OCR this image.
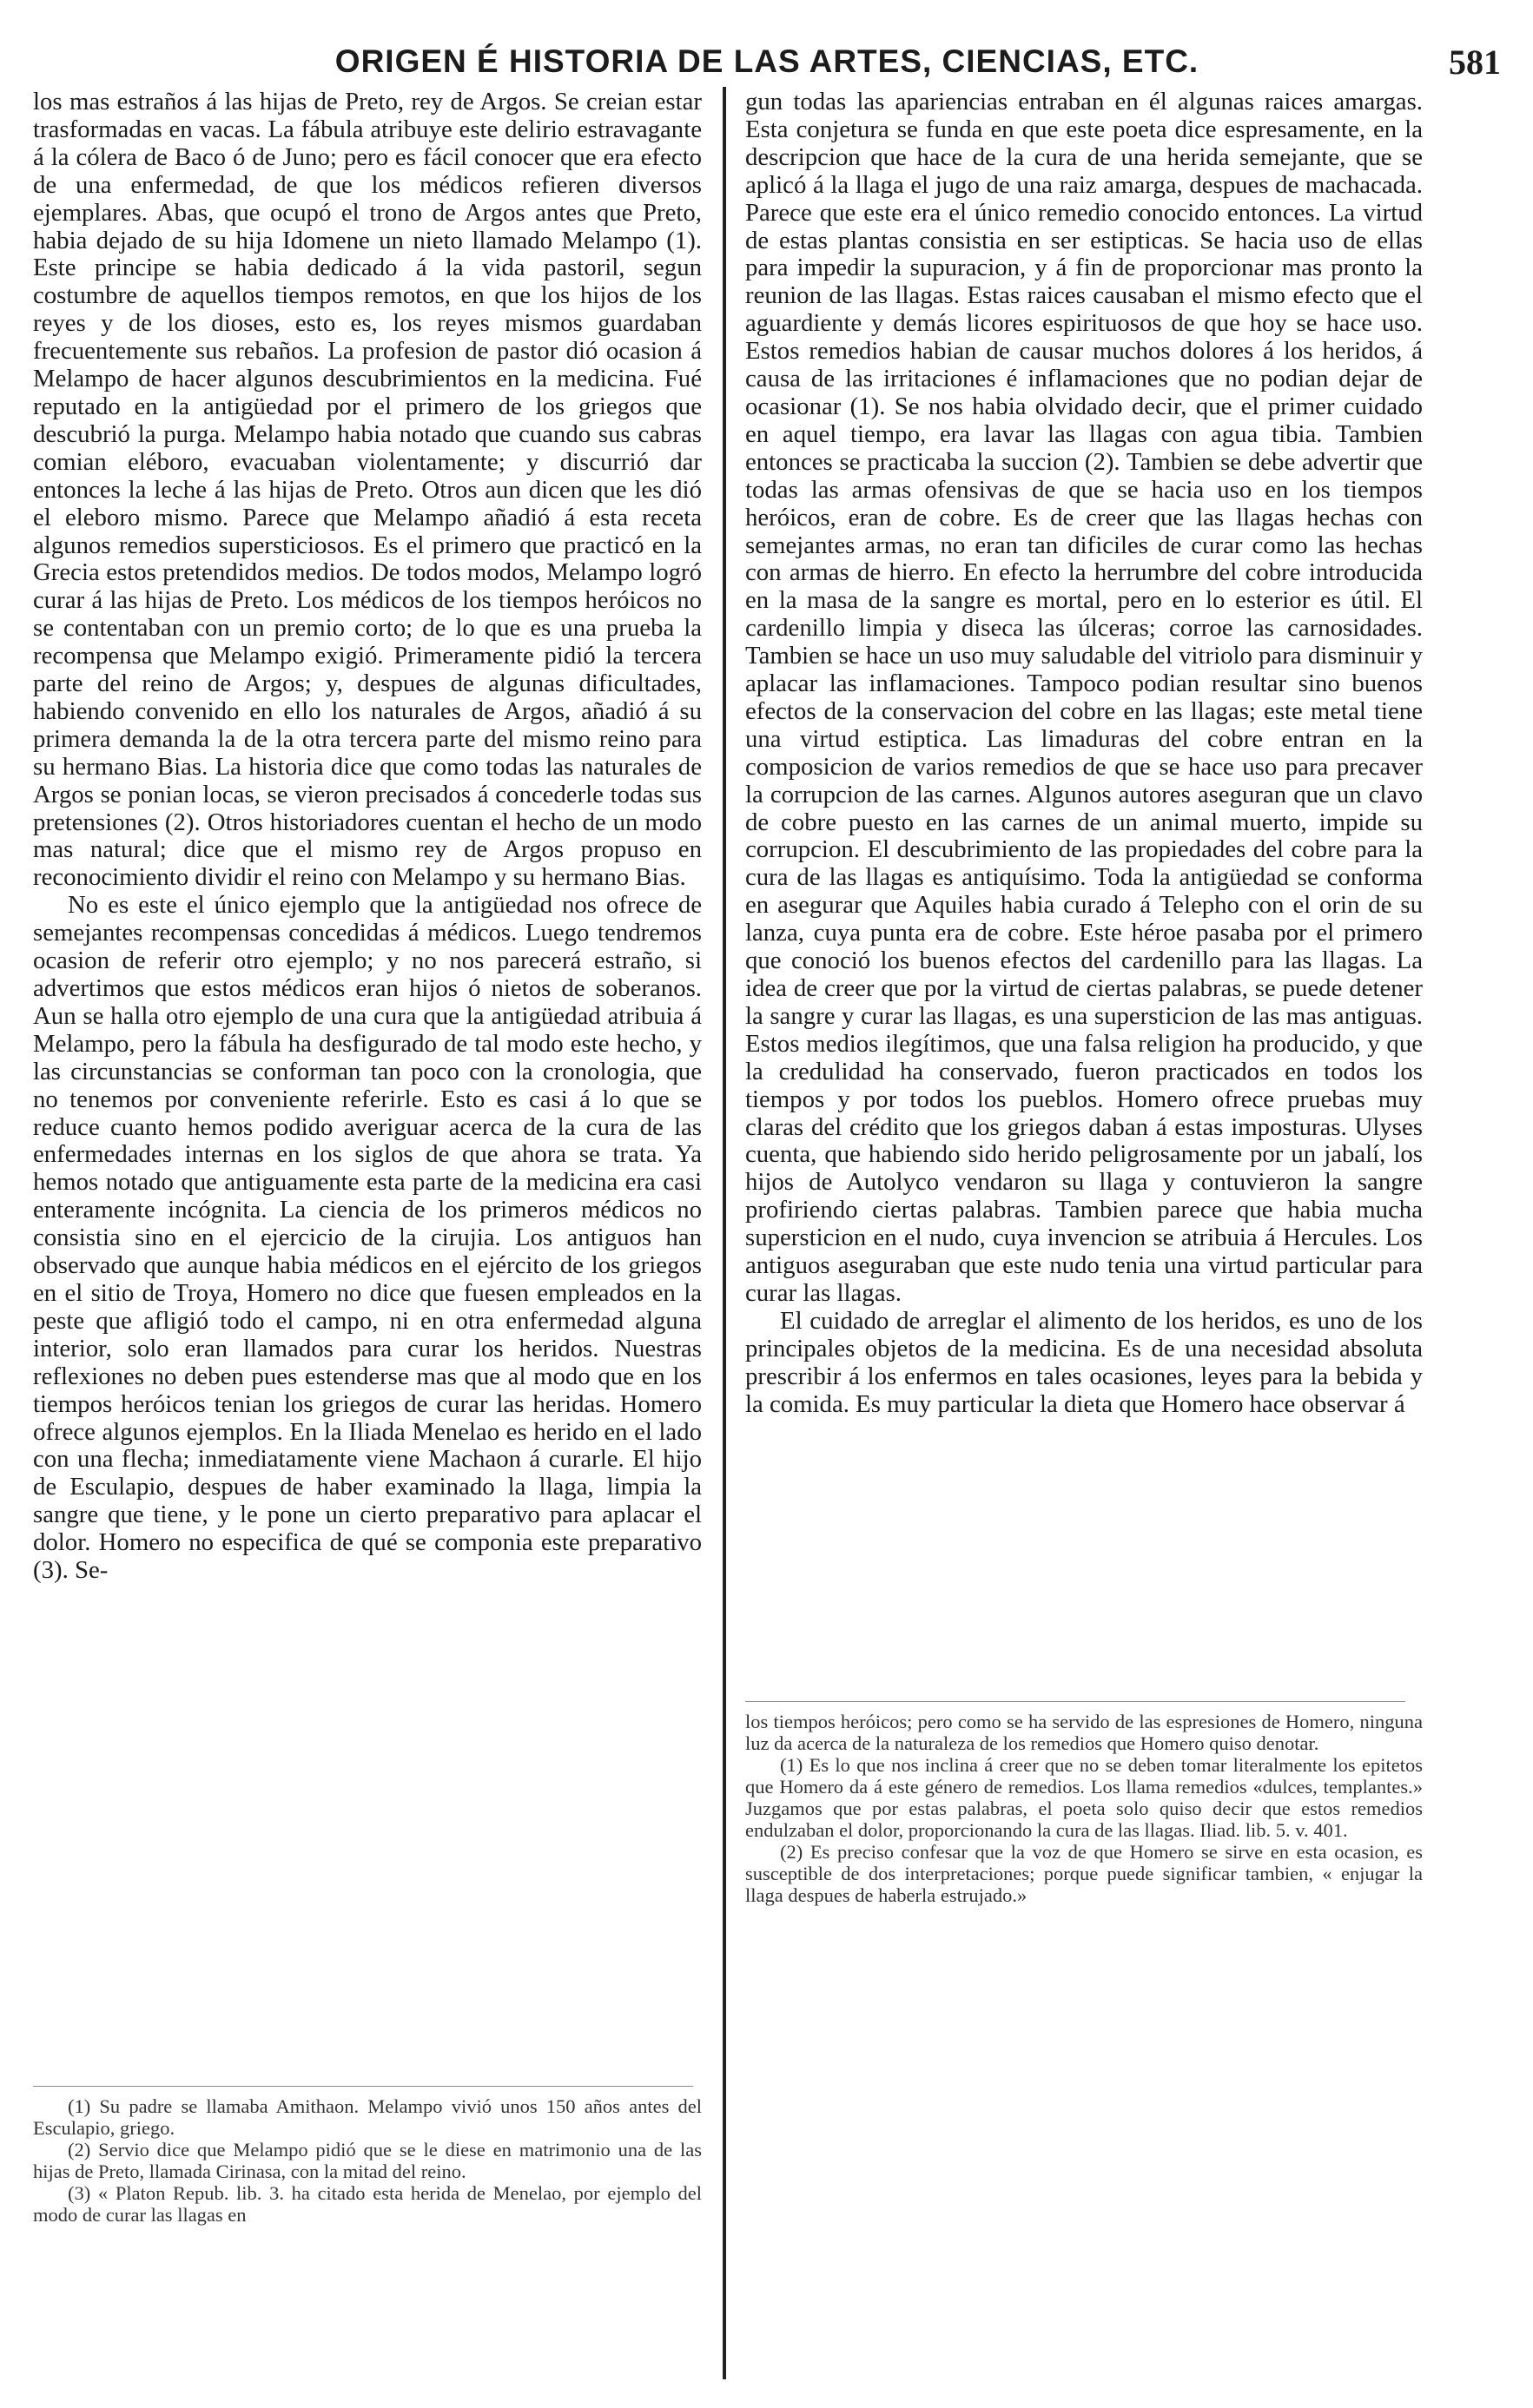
ORIGEN É HISTORIA DE LAS ARTES, CIENCIAS, ETC.	581

los mas estraños á las hijas de Preto, rey de Argos. Se creian estar trasformadas en vacas. La fábula atribuye este delirio estravagante á la cólera de Baco ó de Juno; pero es fácil conocer que era efecto de una enfermedad, de que los médicos refieren diversos ejemplares. Abas, que ocupó el trono de Argos antes que Preto, habia dejado de su hija Idomene un nieto llamado Melampo (1). Este principe se habia dedicado á la vida pastoril, segun costumbre de aquellos tiempos remotos, en que los hijos de los reyes y de los dioses, esto es, los reyes mismos guardaban frecuentemente sus rebaños. La profesion de pastor dió ocasion á Melampo de hacer algunos descubrimientos en la medicina. Fué reputado en la antigüedad por el primero de los griegos que descubrió la purga. Melampo habia notado que cuando sus cabras comian eléboro, evacuaban violentamente; y discurrió dar entonces la leche á las hijas de Preto. Otros aun dicen que les dió el eleboro mismo. Parece que Melampo añadió á esta receta algunos remedios supersticiosos. Es el primero que practicó en la Grecia estos pretendidos medios. De todos modos, Melampo logró curar á las hijas de Preto. Los médicos de los tiempos heróicos no se contentaban con un premio corto; de lo que es una prueba la recompensa que Melampo exigió. Primeramente pidió la tercera parte del reino de Argos; y, despues de algunas dificultades, habiendo convenido en ello los naturales de Argos, añadió á su primera demanda la de la otra tercera parte del mismo reino para su hermano Bias. La historia dice que como todas las naturales de Argos se ponian locas, se vieron precisados á concederle todas sus pretensiones (2). Otros historiadores cuentan el hecho de un modo mas natural; dice que el mismo rey de Argos propuso en reconocimiento dividir el reino con Melampo y su hermano Bias.

No es este el único ejemplo que la antigüedad nos ofrece de semejantes recompensas concedidas á médicos. Luego tendremos ocasion de referir otro ejemplo; y no nos parecerá estraño, si advertimos que estos médicos eran hijos ó nietos de soberanos. Aun se halla otro ejemplo de una cura que la antigüedad atribuia á Melampo, pero la fábula ha desfigurado de tal modo este hecho, y las circunstancias se conforman tan poco con la cronologia, que no tenemos por conveniente referirle. Esto es casi á lo que se reduce cuanto hemos podido averiguar acerca de la cura de las enfermedades internas en los siglos de que ahora se trata. Ya hemos notado que antiguamente esta parte de la medicina era casi enteramente incógnita. La ciencia de los primeros médicos no consistia sino en el ejercicio de la cirujia. Los antiguos han observado que aunque habia médicos en el ejército de los griegos en el sitio de Troya, Homero no dice que fuesen empleados en la peste que afligió todo el campo, ni en otra enfermedad alguna interior, solo eran llamados para curar los heridos. Nuestras reflexiones no deben pues estenderse mas que al modo que en los tiempos heróicos tenian los griegos de curar las heridas. Homero ofrece algunos ejemplos. En la Iliada Menelao es herido en el lado con una flecha; inmediatamente viene Machaon á curarle. El hijo de Esculapio, despues de haber examinado la llaga, limpia la sangre que tiene, y le pone un cierto preparativo para aplacar el dolor. Homero no especifica de qué se componia este preparativo (3). Se-

gun todas las apariencias entraban en él algunas raices amargas. Esta conjetura se funda en que este poeta dice espresamente, en la descripcion que hace de la cura de una herida semejante, que se aplicó á la llaga el jugo de una raiz amarga, despues de machacada. Parece que este era el único remedio conocido entonces. La virtud de estas plantas consistia en ser estipticas. Se hacia uso de ellas para impedir la supuracion, y á fin de proporcionar mas pronto la reunion de las llagas. Estas raices causaban el mismo efecto que el aguardiente y demás licores espirituosos de que hoy se hace uso. Estos remedios habian de causar muchos dolores á los heridos, á causa de las irritaciones é inflamaciones que no podian dejar de ocasionar (1). Se nos habia olvidado decir, que el primer cuidado en aquel tiempo, era lavar las llagas con agua tibia. Tambien entonces se practicaba la succion (2). Tambien se debe advertir que todas las armas ofensivas de que se hacia uso en los tiempos heróicos, eran de cobre. Es de creer que las llagas hechas con semejantes armas, no eran tan dificiles de curar como las hechas con armas de hierro. En efecto la herrumbre del cobre introducida en la masa de la sangre es mortal, pero en lo esterior es útil. El cardenillo limpia y diseca las úlceras; corroe las carnosidades. Tambien se hace un uso muy saludable del vitriolo para disminuir y aplacar las inflamaciones. Tampoco podian resultar sino buenos efectos de la conservacion del cobre en las llagas; este metal tiene una virtud estiptica. Las limaduras del cobre entran en la composicion de varios remedios de que se hace uso para precaver la corrupcion de las carnes. Algunos autores aseguran que un clavo de cobre puesto en las carnes de un animal muerto, impide su corrupcion. El descubrimiento de las propiedades del cobre para la cura de las llagas es antiquísimo. Toda la antigüedad se conforma en asegurar que Aquiles habia curado á Telepho con el orin de su lanza, cuya punta era de cobre. Este héroe pasaba por el primero que conoció los buenos efectos del cardenillo para las llagas. La idea de creer que por la virtud de ciertas palabras, se puede detener la sangre y curar las llagas, es una supersticion de las mas antiguas. Estos medios ilegítimos, que una falsa religion ha producido, y que la credulidad ha conservado, fueron practicados en todos los tiempos y por todos los pueblos. Homero ofrece pruebas muy claras del crédito que los griegos daban á estas imposturas. Ulyses cuenta, que habiendo sido herido peligrosamente por un jabalí, los hijos de Autolyco vendaron su llaga y contuvieron la sangre profiriendo ciertas palabras. Tambien parece que habia mucha supersticion en el nudo, cuya invencion se atribuia á Hercules. Los antiguos aseguraban que este nudo tenia una virtud particular para curar las llagas.

El cuidado de arreglar el alimento de los heridos, es uno de los principales objetos de la medicina. Es de una necesidad absoluta prescribir á los enfermos en tales ocasiones, leyes para la bebida y la comida. Es muy particular la dieta que Homero hace observar á

(1) Su padre se llamaba Amithaon. Melampo vivió unos 150 años antes del Esculapio, griego.

(2) Servio dice que Melampo pidió que se le diese en matrimonio una de las hijas de Preto, llamada Cirinasa, con la mitad del reino.

(3) « Platon Repub. lib. 3. ha citado esta herida de Menelao, por ejemplo del modo de curar las llagas en

los tiempos heróicos; pero como se ha servido de las espresiones de Homero, ninguna luz da acerca de la naturaleza de los remedios que Homero quiso denotar.

(1) Es lo que nos inclina á creer que no se deben tomar literalmente los epitetos que Homero da á este género de remedios. Los llama remedios «dulces, templantes.» Juzgamos que por estas palabras, el poeta solo quiso decir que estos remedios endulzaban el dolor, proporcionando la cura de las llagas. Iliad. lib. 5. v. 401.

(2) Es preciso confesar que la voz de que Homero se sirve en esta ocasion, es susceptible de dos interpretaciones; porque puede significar tambien, « enjugar la llaga despues de haberla estrujado.»
